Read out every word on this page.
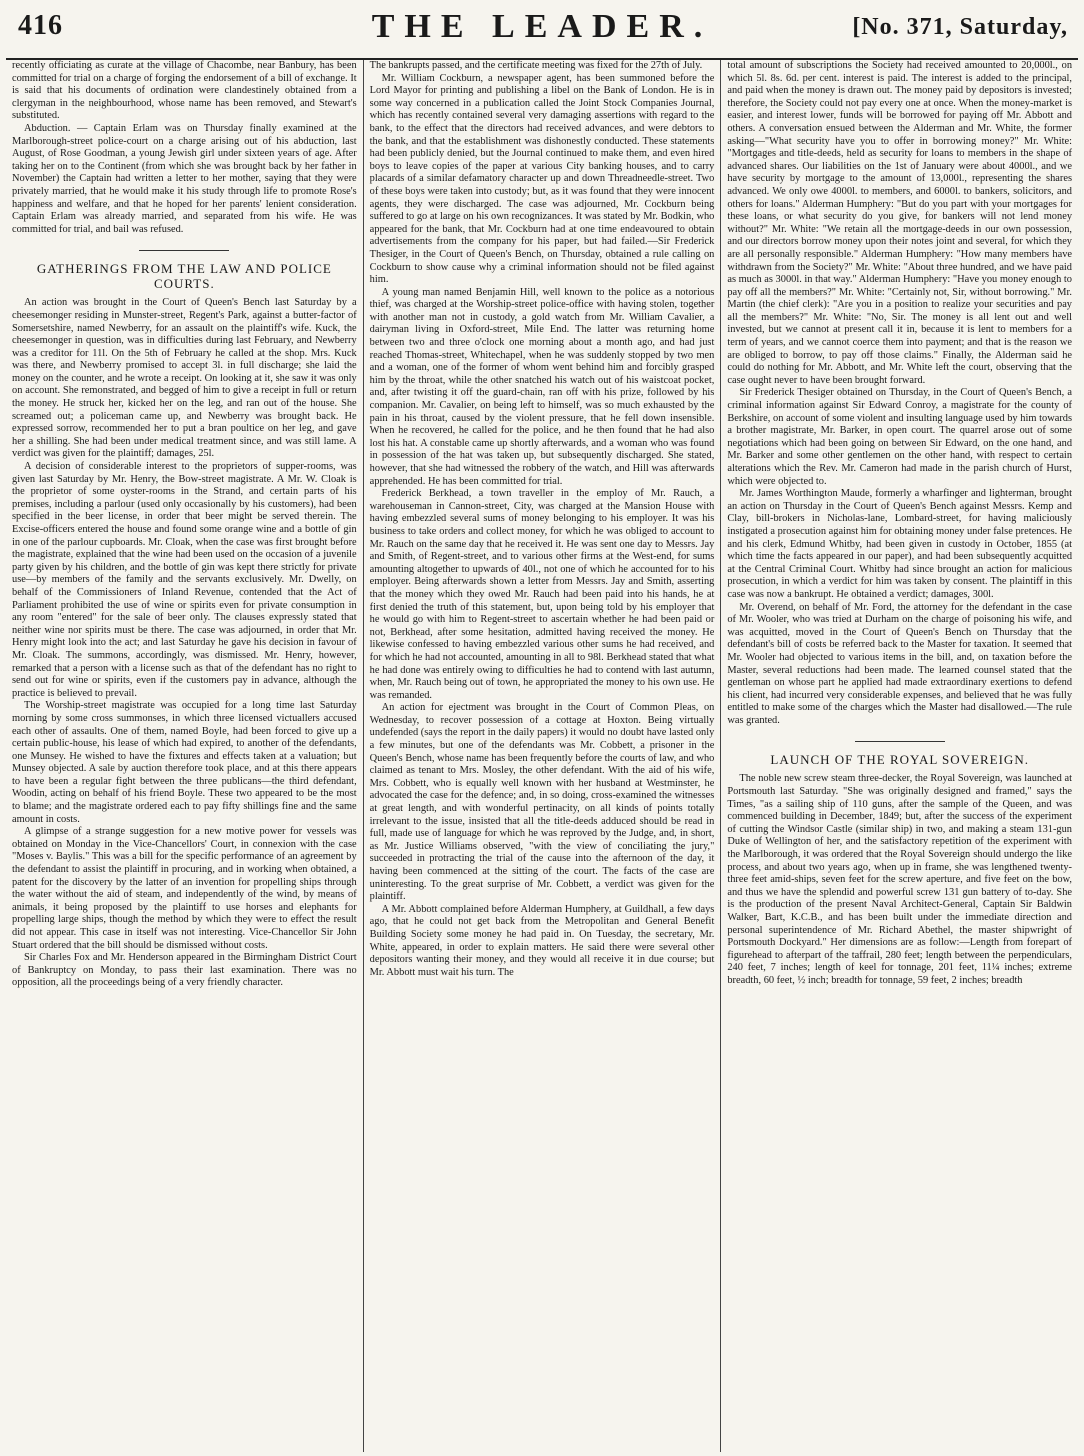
416	THE LEADER.	[No. 371, Saturday,

recently officiating as curate at the village of Chacombe, near Banbury, has been committed for trial on a charge of forging the endorsement of a bill of exchange. It is said that his documents of ordination were clandestinely obtained from a clergyman in the neighbourhood, whose name has been removed, and Stewart's substituted.

Abduction. — Captain Erlam was on Thursday finally examined at the Marlborough-street police-court on a charge arising out of his abduction, last August, of Rose Goodman, a young Jewish girl under sixteen years of age. After taking her on to the Continent (from which she was brought back by her father in November) the Captain had written a letter to her mother, saying that they were privately married, that he would make it his study through life to promote Rose's happiness and welfare, and that he hoped for her parents' lenient consideration. Captain Erlam was already married, and separated from his wife. He was committed for trial, and bail was refused.

GATHERINGS FROM THE LAW AND POLICE COURTS.

An action was brought in the Court of Queen's Bench last Saturday by a cheesemonger residing in Munster-street, Regent's Park, against a butter-factor of Somersetshire, named Newberry, for an assault on the plaintiff's wife. Kuck, the cheesemonger in question, was in difficulties during last February, and Newberry was a creditor for 11l. On the 5th of February he called at the shop. Mrs. Kuck was there, and Newberry promised to accept 3l. in full discharge; she laid the money on the counter, and he wrote a receipt. On looking at it, she saw it was only on account. She remonstrated, and begged of him to give a receipt in full or return the money. He struck her, kicked her on the leg, and ran out of the house. She screamed out; a policeman came up, and Newberry was brought back. He expressed sorrow, recommended her to put a bran poultice on her leg, and gave her a shilling. She had been under medical treatment since, and was still lame. A verdict was given for the plaintiff; damages, 25l.

A decision of considerable interest to the proprietors of supper-rooms, was given last Saturday by Mr. Henry, the Bow-street magistrate. A Mr. W. Cloak is the proprietor of some oyster-rooms in the Strand, and certain parts of his premises, including a parlour (used only occasionally by his customers), had been specified in the beer license, in order that beer might be served therein. The Excise-officers entered the house and found some orange wine and a bottle of gin in one of the parlour cupboards. Mr. Cloak, when the case was first brought before the magistrate, explained that the wine had been used on the occasion of a juvenile party given by his children, and the bottle of gin was kept there strictly for private use—by members of the family and the servants exclusively. Mr. Dwelly, on behalf of the Commissioners of Inland Revenue, contended that the Act of Parliament prohibited the use of wine or spirits even for private consumption in any room "entered" for the sale of beer only. The clauses expressly stated that neither wine nor spirits must be there. The case was adjourned, in order that Mr. Henry might look into the act; and last Saturday he gave his decision in favour of Mr. Cloak. The summons, accordingly, was dismissed. Mr. Henry, however, remarked that a person with a license such as that of the defendant has no right to send out for wine or spirits, even if the customers pay in advance, although the practice is believed to prevail.

The Worship-street magistrate was occupied for a long time last Saturday morning by some cross summonses, in which three licensed victuallers accused each other of assaults. One of them, named Boyle, had been forced to give up a certain public-house, his lease of which had expired, to another of the defendants, one Munsey. He wished to have the fixtures and effects taken at a valuation; but Munsey objected. A sale by auction therefore took place, and at this there appears to have been a regular fight between the three publicans—the third defendant, Woodin, acting on behalf of his friend Boyle. These two appeared to be the most to blame; and the magistrate ordered each to pay fifty shillings fine and the same amount in costs.

A glimpse of a strange suggestion for a new motive power for vessels was obtained on Monday in the Vice-Chancellors' Court, in connexion with the case "Moses v. Baylis." This was a bill for the specific performance of an agreement by the defendant to assist the plaintiff in procuring, and in working when obtained, a patent for the discovery by the latter of an invention for propelling ships through the water without the aid of steam, and independently of the wind, by means of animals, it being proposed by the plaintiff to use horses and elephants for propelling large ships, though the method by which they were to effect the result did not appear. This case in itself was not interesting. Vice-Chancellor Sir John Stuart ordered that the bill should be dismissed without costs.

Sir Charles Fox and Mr. Henderson appeared in the Birmingham District Court of Bankruptcy on Monday, to pass their last examination. There was no opposition, all the proceedings being of a very friendly character.

The bankrupts passed, and the certificate meeting was fixed for the 27th of July.

Mr. William Cockburn, a newspaper agent, has been summoned before the Lord Mayor for printing and publishing a libel on the Bank of London. He is in some way concerned in a publication called the Joint Stock Companies Journal, which has recently contained several very damaging assertions with regard to the bank, to the effect that the directors had received advances, and were debtors to the bank, and that the establishment was dishonestly conducted. These statements had been publicly denied, but the Journal continued to make them, and even hired boys to leave copies of the paper at various City banking houses, and to carry placards of a similar defamatory character up and down Threadneedle-street. Two of these boys were taken into custody; but, as it was found that they were innocent agents, they were discharged. The case was adjourned, Mr. Cockburn being suffered to go at large on his own recognizances. It was stated by Mr. Bodkin, who appeared for the bank, that Mr. Cockburn had at one time endeavoured to obtain advertisements from the company for his paper, but had failed.—Sir Frederick Thesiger, in the Court of Queen's Bench, on Thursday, obtained a rule calling on Cockburn to show cause why a criminal information should not be filed against him.

A young man named Benjamin Hill, well known to the police as a notorious thief, was charged at the Worship-street police-office with having stolen, together with another man not in custody, a gold watch from Mr. William Cavalier, a dairyman living in Oxford-street, Mile End. The latter was returning home between two and three o'clock one morning about a month ago, and had just reached Thomas-street, Whitechapel, when he was suddenly stopped by two men and a woman, one of the former of whom went behind him and forcibly grasped him by the throat, while the other snatched his watch out of his waistcoat pocket, and, after twisting it off the guard-chain, ran off with his prize, followed by his companion. Mr. Cavalier, on being left to himself, was so much exhausted by the pain in his throat, caused by the violent pressure, that he fell down insensible. When he recovered, he called for the police, and he then found that he had also lost his hat. A constable came up shortly afterwards, and a woman who was found in possession of the hat was taken up, but subsequently discharged. She stated, however, that she had witnessed the robbery of the watch, and Hill was afterwards apprehended. He has been committed for trial.

Frederick Berkhead, a town traveller in the employ of Mr. Rauch, a warehouseman in Cannon-street, City, was charged at the Mansion House with having embezzled several sums of money belonging to his employer. It was his business to take orders and collect money, for which he was obliged to account to Mr. Rauch on the same day that he received it. He was sent one day to Messrs. Jay and Smith, of Regent-street, and to various other firms at the West-end, for sums amounting altogether to upwards of 40l., not one of which he accounted for to his employer. Being afterwards shown a letter from Messrs. Jay and Smith, asserting that the money which they owed Mr. Rauch had been paid into his hands, he at first denied the truth of this statement, but, upon being told by his employer that he would go with him to Regent-street to ascertain whether he had been paid or not, Berkhead, after some hesitation, admitted having received the money. He likewise confessed to having embezzled various other sums he had received, and for which he had not accounted, amounting in all to 98l. Berkhead stated that what he had done was entirely owing to difficulties he had to contend with last autumn, when, Mr. Rauch being out of town, he appropriated the money to his own use. He was remanded.

An action for ejectment was brought in the Court of Common Pleas, on Wednesday, to recover possession of a cottage at Hoxton. Being virtually undefended (says the report in the daily papers) it would no doubt have lasted only a few minutes, but one of the defendants was Mr. Cobbett, a prisoner in the Queen's Bench, whose name has been frequently before the courts of law, and who claimed as tenant to Mrs. Mosley, the other defendant. With the aid of his wife, Mrs. Cobbett, who is equally well known with her husband at Westminster, he advocated the case for the defence; and, in so doing, cross-examined the witnesses at great length, and with wonderful pertinacity, on all kinds of points totally irrelevant to the issue, insisted that all the title-deeds adduced should be read in full, made use of language for which he was reproved by the Judge, and, in short, as Mr. Justice Williams observed, "with the view of conciliating the jury," succeeded in protracting the trial of the cause into the afternoon of the day, it having been commenced at the sitting of the court. The facts of the case are uninteresting. To the great surprise of Mr. Cobbett, a verdict was given for the plaintiff.

A Mr. Abbott complained before Alderman Humphery, at Guildhall, a few days ago, that he could not get back from the Metropolitan and General Benefit Building Society some money he had paid in. On Tuesday, the secretary, Mr. White, appeared, in order to explain matters. He said there were several other depositors wanting their money, and they would all receive it in due course; but Mr. Abbott must wait his turn. The

total amount of subscriptions the Society had received amounted to 20,000l., on which 5l. 8s. 6d. per cent. interest is paid. The interest is added to the principal, and paid when the money is drawn out. The money paid by depositors is invested; therefore, the Society could not pay every one at once. When the money-market is easier, and interest lower, funds will be borrowed for paying off Mr. Abbott and others. A conversation ensued between the Alderman and Mr. White, the former asking—"What security have you to offer in borrowing money?" Mr. White: "Mortgages and title-deeds, held as security for loans to members in the shape of advanced shares. Our liabilities on the 1st of January were about 4000l., and we have security by mortgage to the amount of 13,000l., representing the shares advanced. We only owe 4000l. to members, and 6000l. to bankers, solicitors, and others for loans." Alderman Humphery: "But do you part with your mortgages for these loans, or what security do you give, for bankers will not lend money without?" Mr. White: "We retain all the mortgage-deeds in our own possession, and our directors borrow money upon their notes joint and several, for which they are all personally responsible." Alderman Humphery: "How many members have withdrawn from the Society?" Mr. White: "About three hundred, and we have paid as much as 3000l. in that way." Alderman Humphery: "Have you money enough to pay off all the members?" Mr. White: "Certainly not, Sir, without borrowing." Mr. Martin (the chief clerk): "Are you in a position to realize your securities and pay all the members?" Mr. White: "No, Sir. The money is all lent out and well invested, but we cannot at present call it in, because it is lent to members for a term of years, and we cannot coerce them into payment; and that is the reason we are obliged to borrow, to pay off those claims." Finally, the Alderman said he could do nothing for Mr. Abbott, and Mr. White left the court, observing that the case ought never to have been brought forward.

Sir Frederick Thesiger obtained on Thursday, in the Court of Queen's Bench, a criminal information against Sir Edward Conroy, a magistrate for the county of Berkshire, on account of some violent and insulting language used by him towards a brother magistrate, Mr. Barker, in open court. The quarrel arose out of some negotiations which had been going on between Sir Edward, on the one hand, and Mr. Barker and some other gentlemen on the other hand, with respect to certain alterations which the Rev. Mr. Cameron had made in the parish church of Hurst, which were objected to.

Mr. James Worthington Maude, formerly a wharfinger and lighterman, brought an action on Thursday in the Court of Queen's Bench against Messrs. Kemp and Clay, bill-brokers in Nicholas-lane, Lombard-street, for having maliciously instigated a prosecution against him for obtaining money under false pretences. He and his clerk, Edmund Whitby, had been given in custody in October, 1855 (at which time the facts appeared in our paper), and had been subsequently acquitted at the Central Criminal Court. Whitby had since brought an action for malicious prosecution, in which a verdict for him was taken by consent. The plaintiff in this case was now a bankrupt. He obtained a verdict; damages, 300l.

Mr. Overend, on behalf of Mr. Ford, the attorney for the defendant in the case of Mr. Wooler, who was tried at Durham on the charge of poisoning his wife, and was acquitted, moved in the Court of Queen's Bench on Thursday that the defendant's bill of costs be referred back to the Master for taxation. It seemed that Mr. Wooler had objected to various items in the bill, and, on taxation before the Master, several reductions had been made. The learned counsel stated that the gentleman on whose part he applied had made extraordinary exertions to defend his client, had incurred very considerable expenses, and believed that he was fully entitled to make some of the charges which the Master had disallowed.—The rule was granted.

LAUNCH OF THE ROYAL SOVEREIGN.

The noble new screw steam three-decker, the Royal Sovereign, was launched at Portsmouth last Saturday. "She was originally designed and framed," says the Times, "as a sailing ship of 110 guns, after the sample of the Queen, and was commenced building in December, 1849; but, after the success of the experiment of cutting the Windsor Castle (similar ship) in two, and making a steam 131-gun Duke of Wellington of her, and the satisfactory repetition of the experiment with the Marlborough, it was ordered that the Royal Sovereign should undergo the like process, and about two years ago, when up in frame, she was lengthened twenty-three feet amid-ships, seven feet for the screw aperture, and five feet on the bow, and thus we have the splendid and powerful screw 131 gun battery of to-day. She is the production of the present Naval Architect-General, Captain Sir Baldwin Walker, Bart, K.C.B., and has been built under the immediate direction and personal superintendence of Mr. Richard Abethel, the master shipwright of Portsmouth Dockyard." Her dimensions are as follow:—Length from forepart of figurehead to afterpart of the taffrail, 280 feet; length between the perpendiculars, 240 feet, 7 inches; length of keel for tonnage, 201 feet, 11¼ inches; extreme breadth, 60 feet, ½ inch; breadth for tonnage, 59 feet, 2 inches; breadth
